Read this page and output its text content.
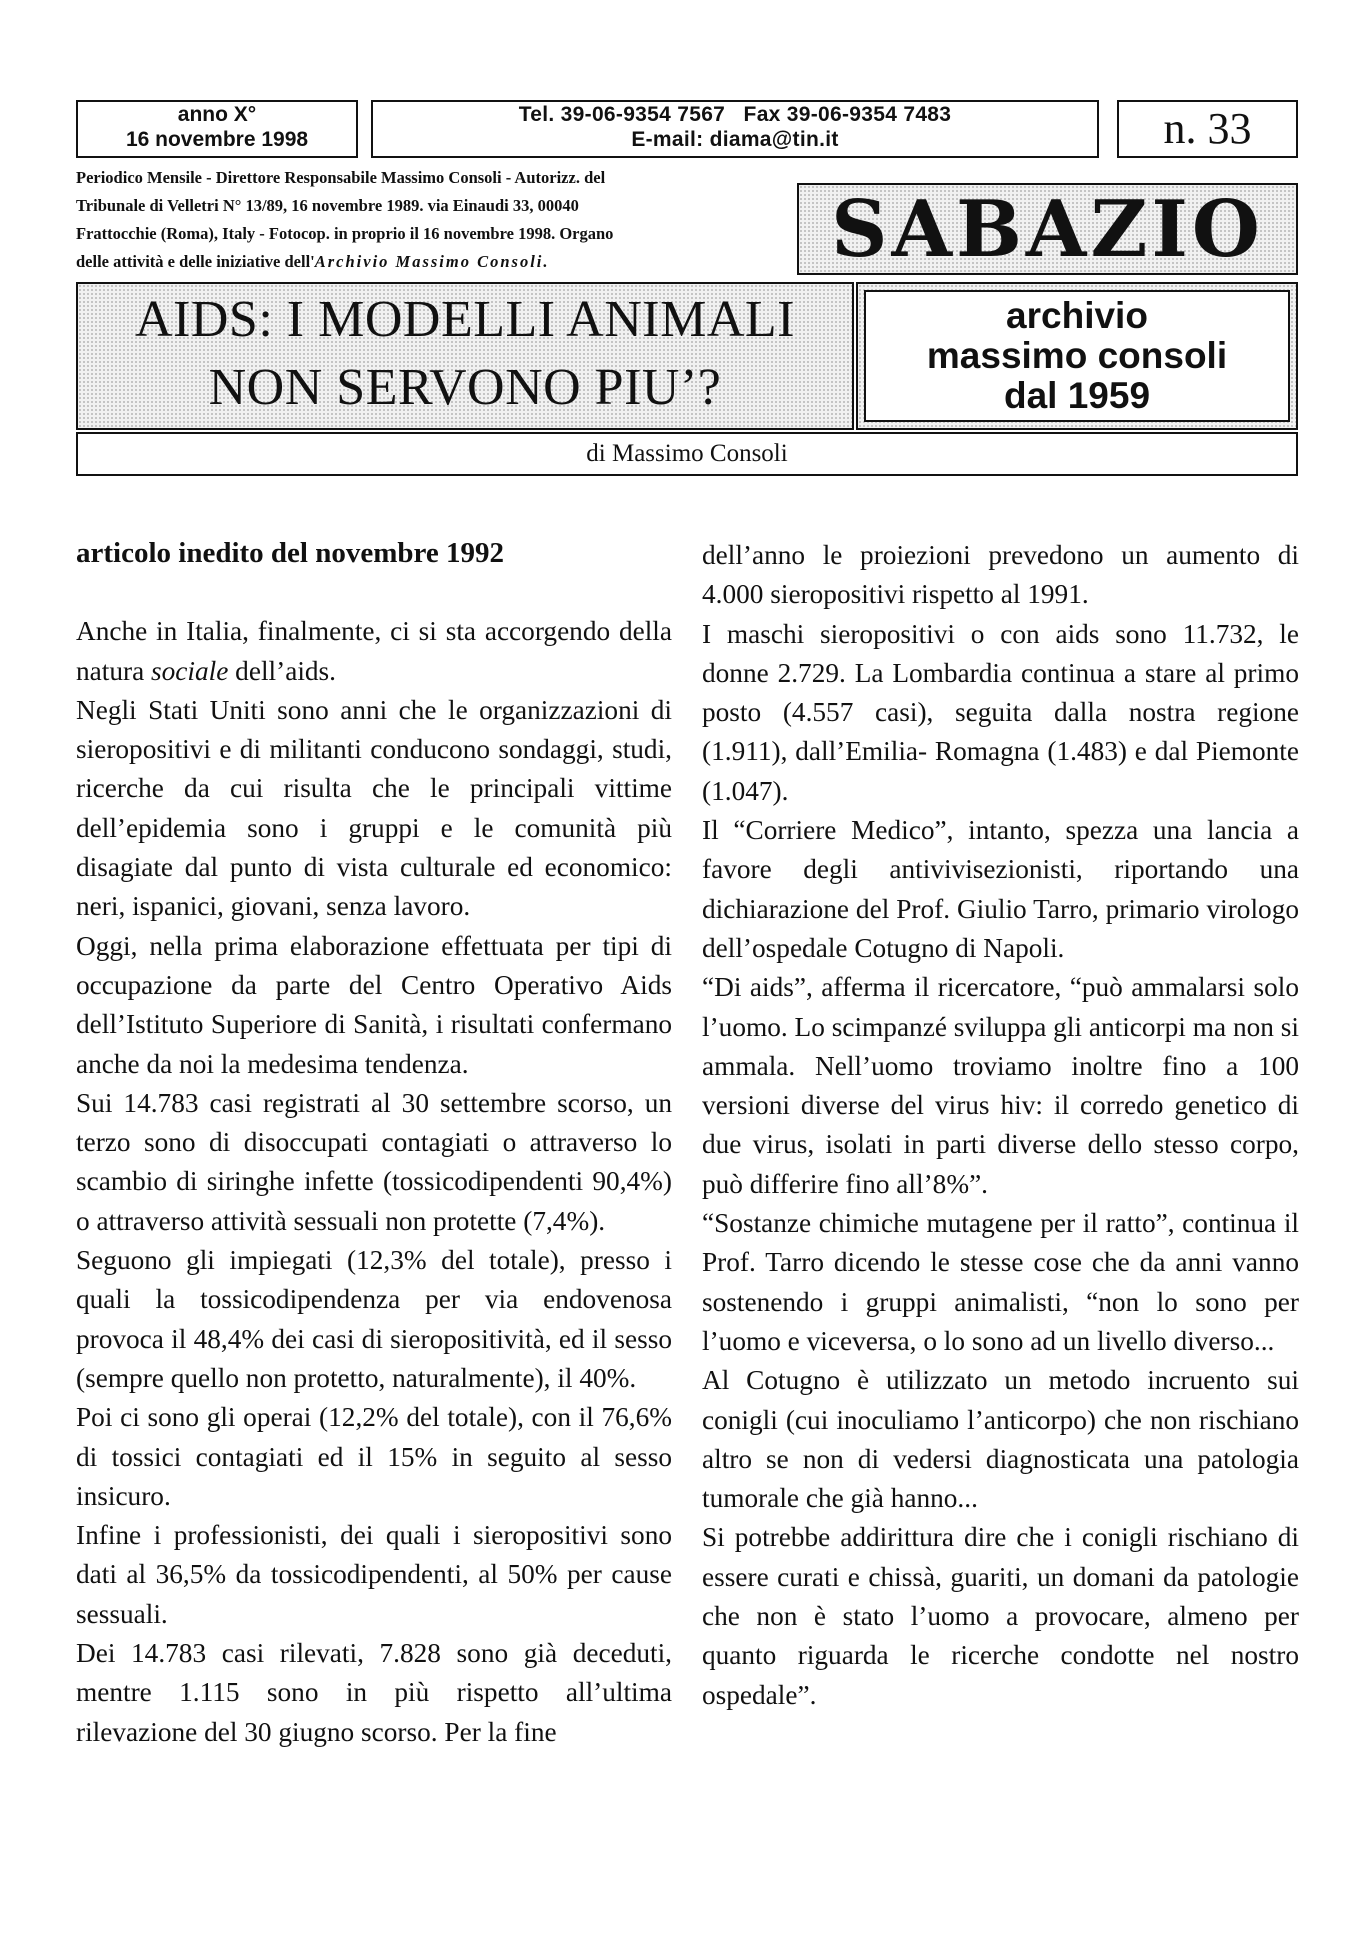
anno X°
16 novembre 1998
Tel. 39-06-9354 7567   Fax 39-06-9354 7483
E-mail: diama@tin.it	n. 33
Periodico Mensile - Direttore Responsabile Massimo Consoli - Autorizz. del
Tribunale di Velletri N° 13/89, 16 novembre 1989. via Einaudi 33, 00040
Frattocchie (Roma), Italy - Fotocop. in proprio il 16 novembre 1998. Organo
delle attività e delle iniziative dell'Archivio Massimo Consoli.	SABAZIO
AIDS: I MODELLI ANIMALI
NON SERVONO PIU’?
archivio
massimo consoli
dal 1959
di Massimo Consoli

articolo inedito del novembre 1992

Anche in Italia, finalmente, ci si sta accorgendo della natura sociale dell’aids.

Negli Stati Uniti sono anni che le organizzazioni di sieropositivi e di militanti conducono sondaggi, studi, ricerche da cui risulta che le principali vittime dell’epidemia sono i gruppi e le comunità più disagiate dal punto di vista culturale ed economico: neri, ispanici, giovani, senza lavoro.

Oggi, nella prima elaborazione effettuata per tipi di occupazione da parte del Centro Operativo Aids dell’Istituto Superiore di Sanità, i risultati confermano anche da noi la medesima tendenza.

Sui 14.783 casi registrati al 30 settembre scorso, un terzo sono di disoccupati contagiati o attraverso lo scambio di siringhe infette (tossicodipendenti 90,4%) o attraverso attività sessuali non protette (7,4%).

Seguono gli impiegati (12,3% del totale), presso i quali la tossicodipendenza per via endovenosa provoca il 48,4% dei casi di sieropositività, ed il sesso (sempre quello non protetto, naturalmente), il 40%.

Poi ci sono gli operai (12,2% del totale), con il 76,6% di tossici contagiati ed il 15% in seguito al sesso insicuro.

Infine i professionisti, dei quali i sieropositivi sono dati al 36,5% da tossicodipendenti, al 50% per cause sessuali.

Dei 14.783 casi rilevati, 7.828 sono già deceduti, mentre 1.115 sono in più rispetto all’ultima rilevazione del 30 giugno scorso. Per la fine

dell’anno le proiezioni prevedono un aumento di 4.000 sieropositivi rispetto al 1991.

I maschi sieropositivi o con aids sono 11.732, le donne 2.729. La Lombardia continua a stare al primo posto (4.557 casi), seguita dalla nostra regione (1.911), dall’Emilia- Romagna (1.483) e dal Piemonte (1.047).

Il “Corriere Medico”, intanto, spezza una lancia a favore degli antivivisezionisti, riportando una dichiarazione del Prof. Giulio Tarro, primario virologo dell’ospedale Cotugno di Napoli.

“Di aids”, afferma il ricercatore, “può ammalarsi solo l’uomo. Lo scimpanzé sviluppa gli anticorpi ma non si ammala. Nell’uomo troviamo inoltre fino a 100 versioni diverse del virus hiv: il corredo genetico di due virus, isolati in parti diverse dello stesso corpo, può differire fino all’8%”.

“Sostanze chimiche mutagene per il ratto”, continua il Prof. Tarro dicendo le stesse cose che da anni vanno sostenendo i gruppi animalisti, “non lo sono per l’uomo e viceversa, o lo sono ad un livello diverso...

Al Cotugno è utilizzato un metodo incruento sui conigli (cui inoculiamo l’anticorpo) che non rischiano altro se non di vedersi diagnosticata una patologia tumorale che già hanno...

Si potrebbe addirittura dire che i conigli rischiano di essere curati e chissà, guariti, un domani da patologie che non è stato l’uomo a provocare, almeno per quanto riguarda le ricerche condotte nel nostro ospedale”.
